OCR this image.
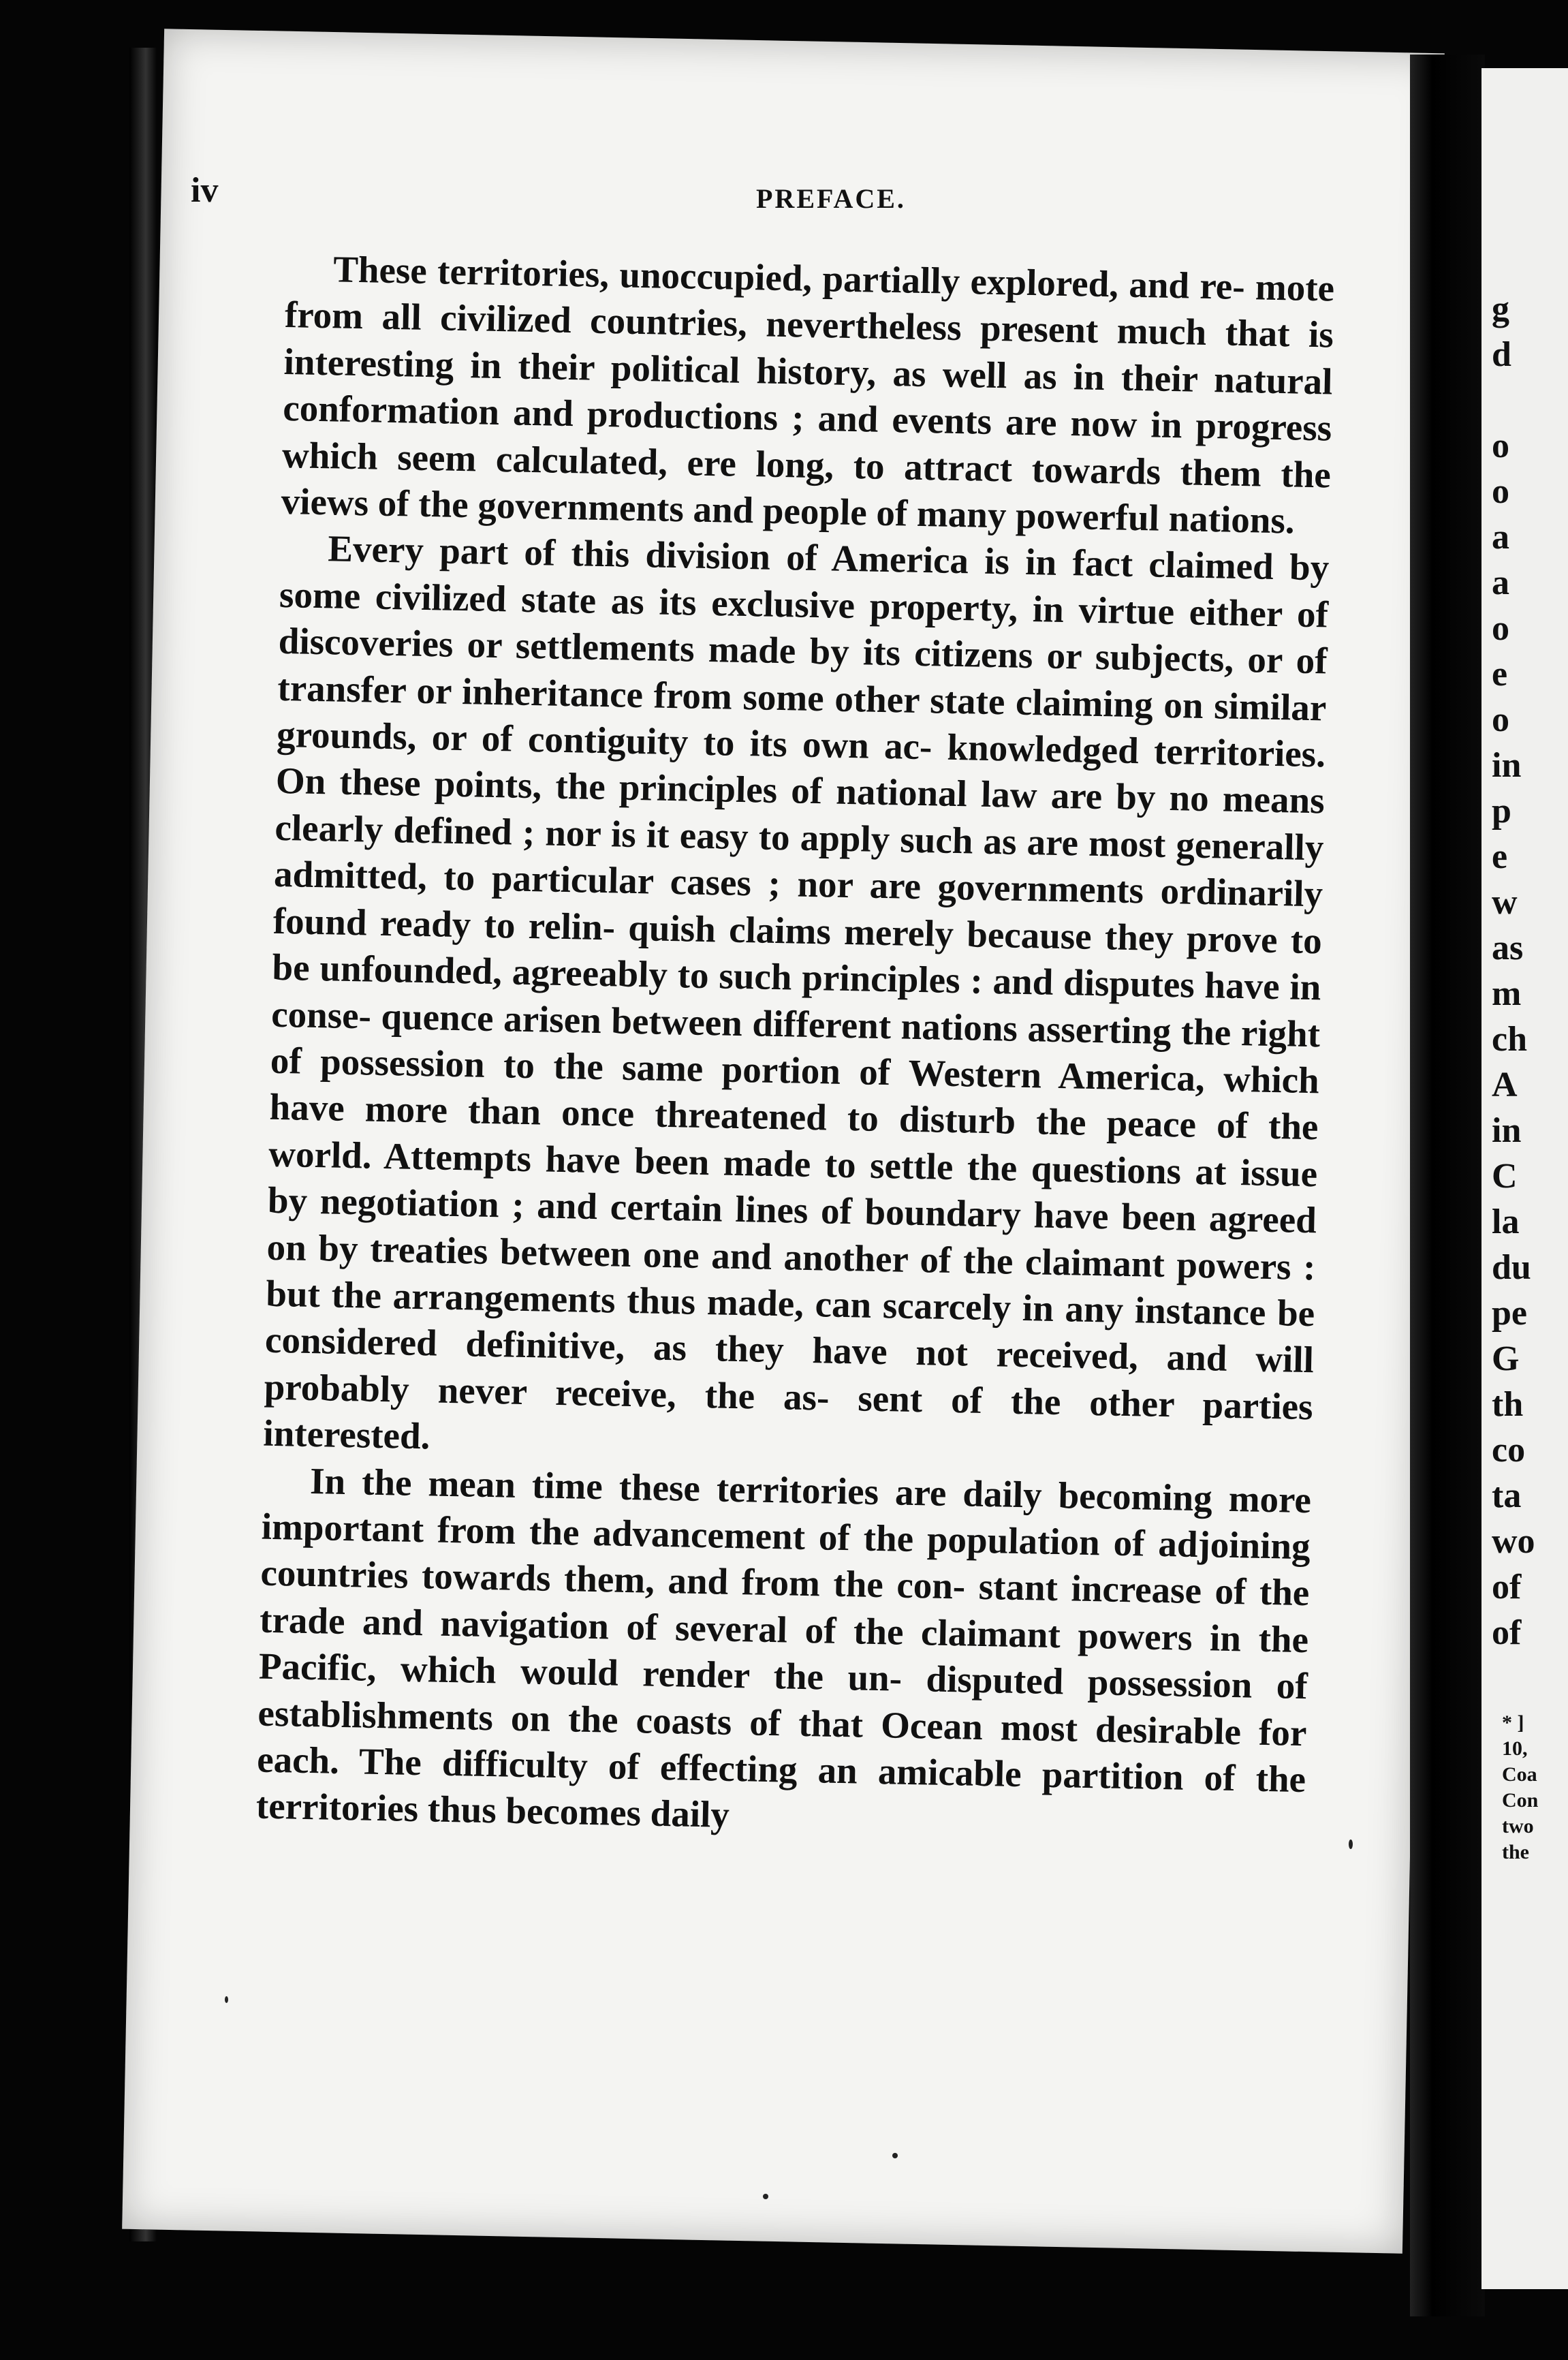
iv	PREFACE.

These territories, unoccupied, partially explored, and re- mote from all civilized countries, nevertheless present much that is interesting in their political history, as well as in their natural conformation and productions ; and events are now in progress which seem calculated, ere long, to attract towards them the views of the governments and people of many powerful nations.

Every part of this division of America is in fact claimed by some civilized state as its exclusive property, in virtue either of discoveries or settlements made by its citizens or subjects, or of transfer or inheritance from some other state claiming on similar grounds, or of contiguity to its own ac- knowledged territories. On these points, the principles of national law are by no means clearly defined ; nor is it easy to apply such as are most generally admitted, to particular cases ; nor are governments ordinarily found ready to relin- quish claims merely because they prove to be unfounded, agreeably to such principles : and disputes have in conse- quence arisen between different nations asserting the right of possession to the same portion of Western America, which have more than once threatened to disturb the peace of the world. Attempts have been made to settle the questions at issue by negotiation ; and certain lines of boundary have been agreed on by treaties between one and another of the claimant powers : but the arrangements thus made, can scarcely in any instance be considered definitive, as they have not received, and will probably never receive, the as- sent of the other parties interested.

In the mean time these territories are daily becoming more important from the advancement of the population of adjoining countries towards them, and from the con- stant increase of the trade and navigation of several of the claimant powers in the Pacific, which would render the un- disputed possession of establishments on the coasts of that Ocean most desirable for each. The difficulty of effecting an amicable partition of the territories thus becomes daily

g
d
o
o
a
a
o
e
o
in
p
e
w
as
m
ch
A
in
C
la
du
pe
G
th
co
ta
wo
of
of
* ]
10,
Coa
Con
two
the
